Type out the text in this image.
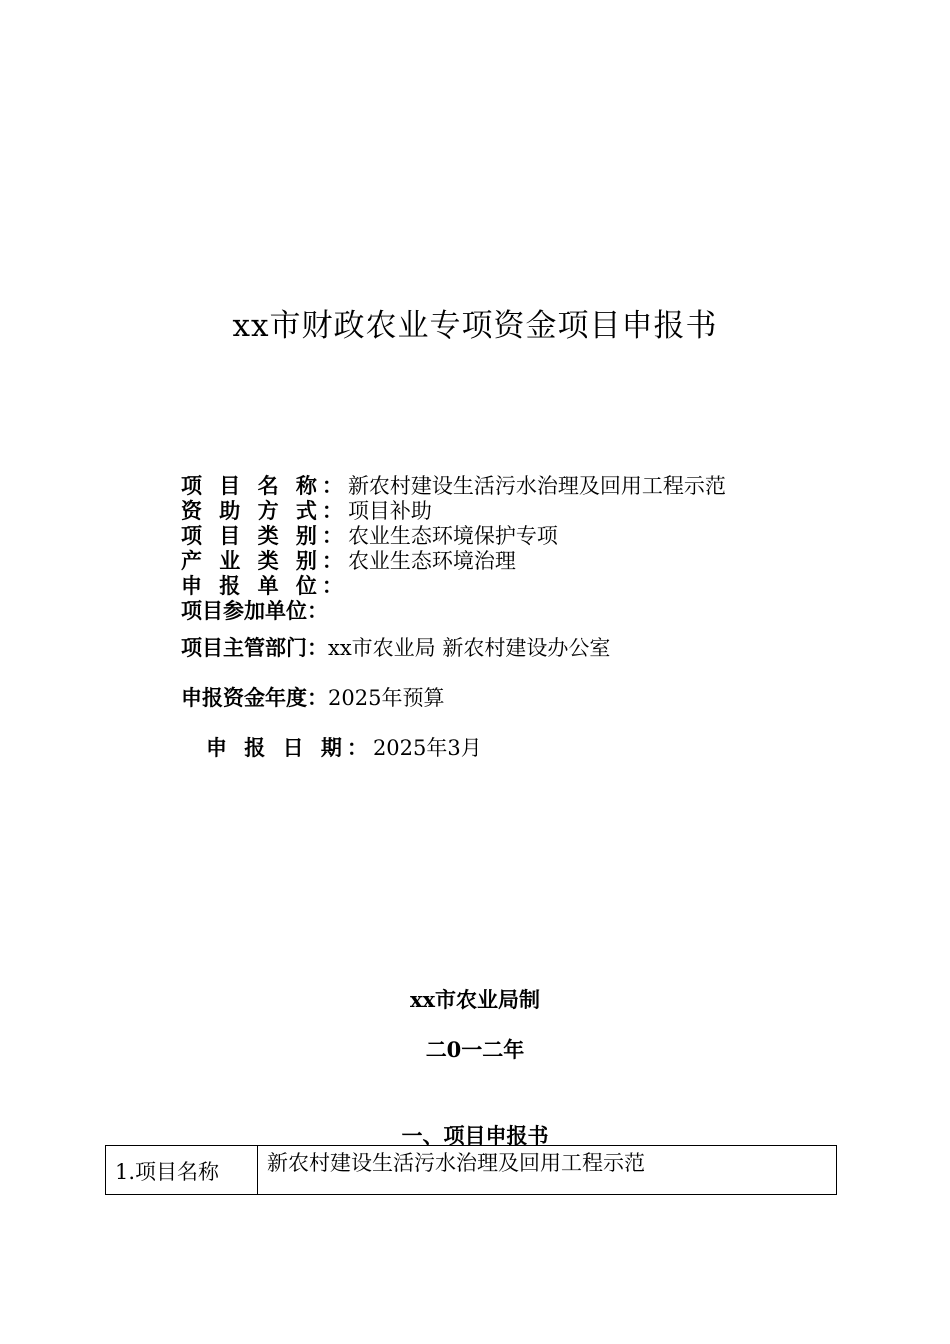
xx市财政农业专项资金项目申报书
项 目 名 称：新农村建设生活污水治理及回用工程示范
资 助 方 式：项目补助
项 目 类 别：农业生态环境保护专项
产 业 类 别：农业生态环境治理
申 报 单 位：
项目参加单位：
项目主管部门：xx市农业局 新农村建设办公室
申报资金年度：2025年预算
申 报 日 期：2025年3月
xx市农业局制
二0一二年
一、项目申报书
1.项目名称	新农村建设生活污水治理及回用工程示范
